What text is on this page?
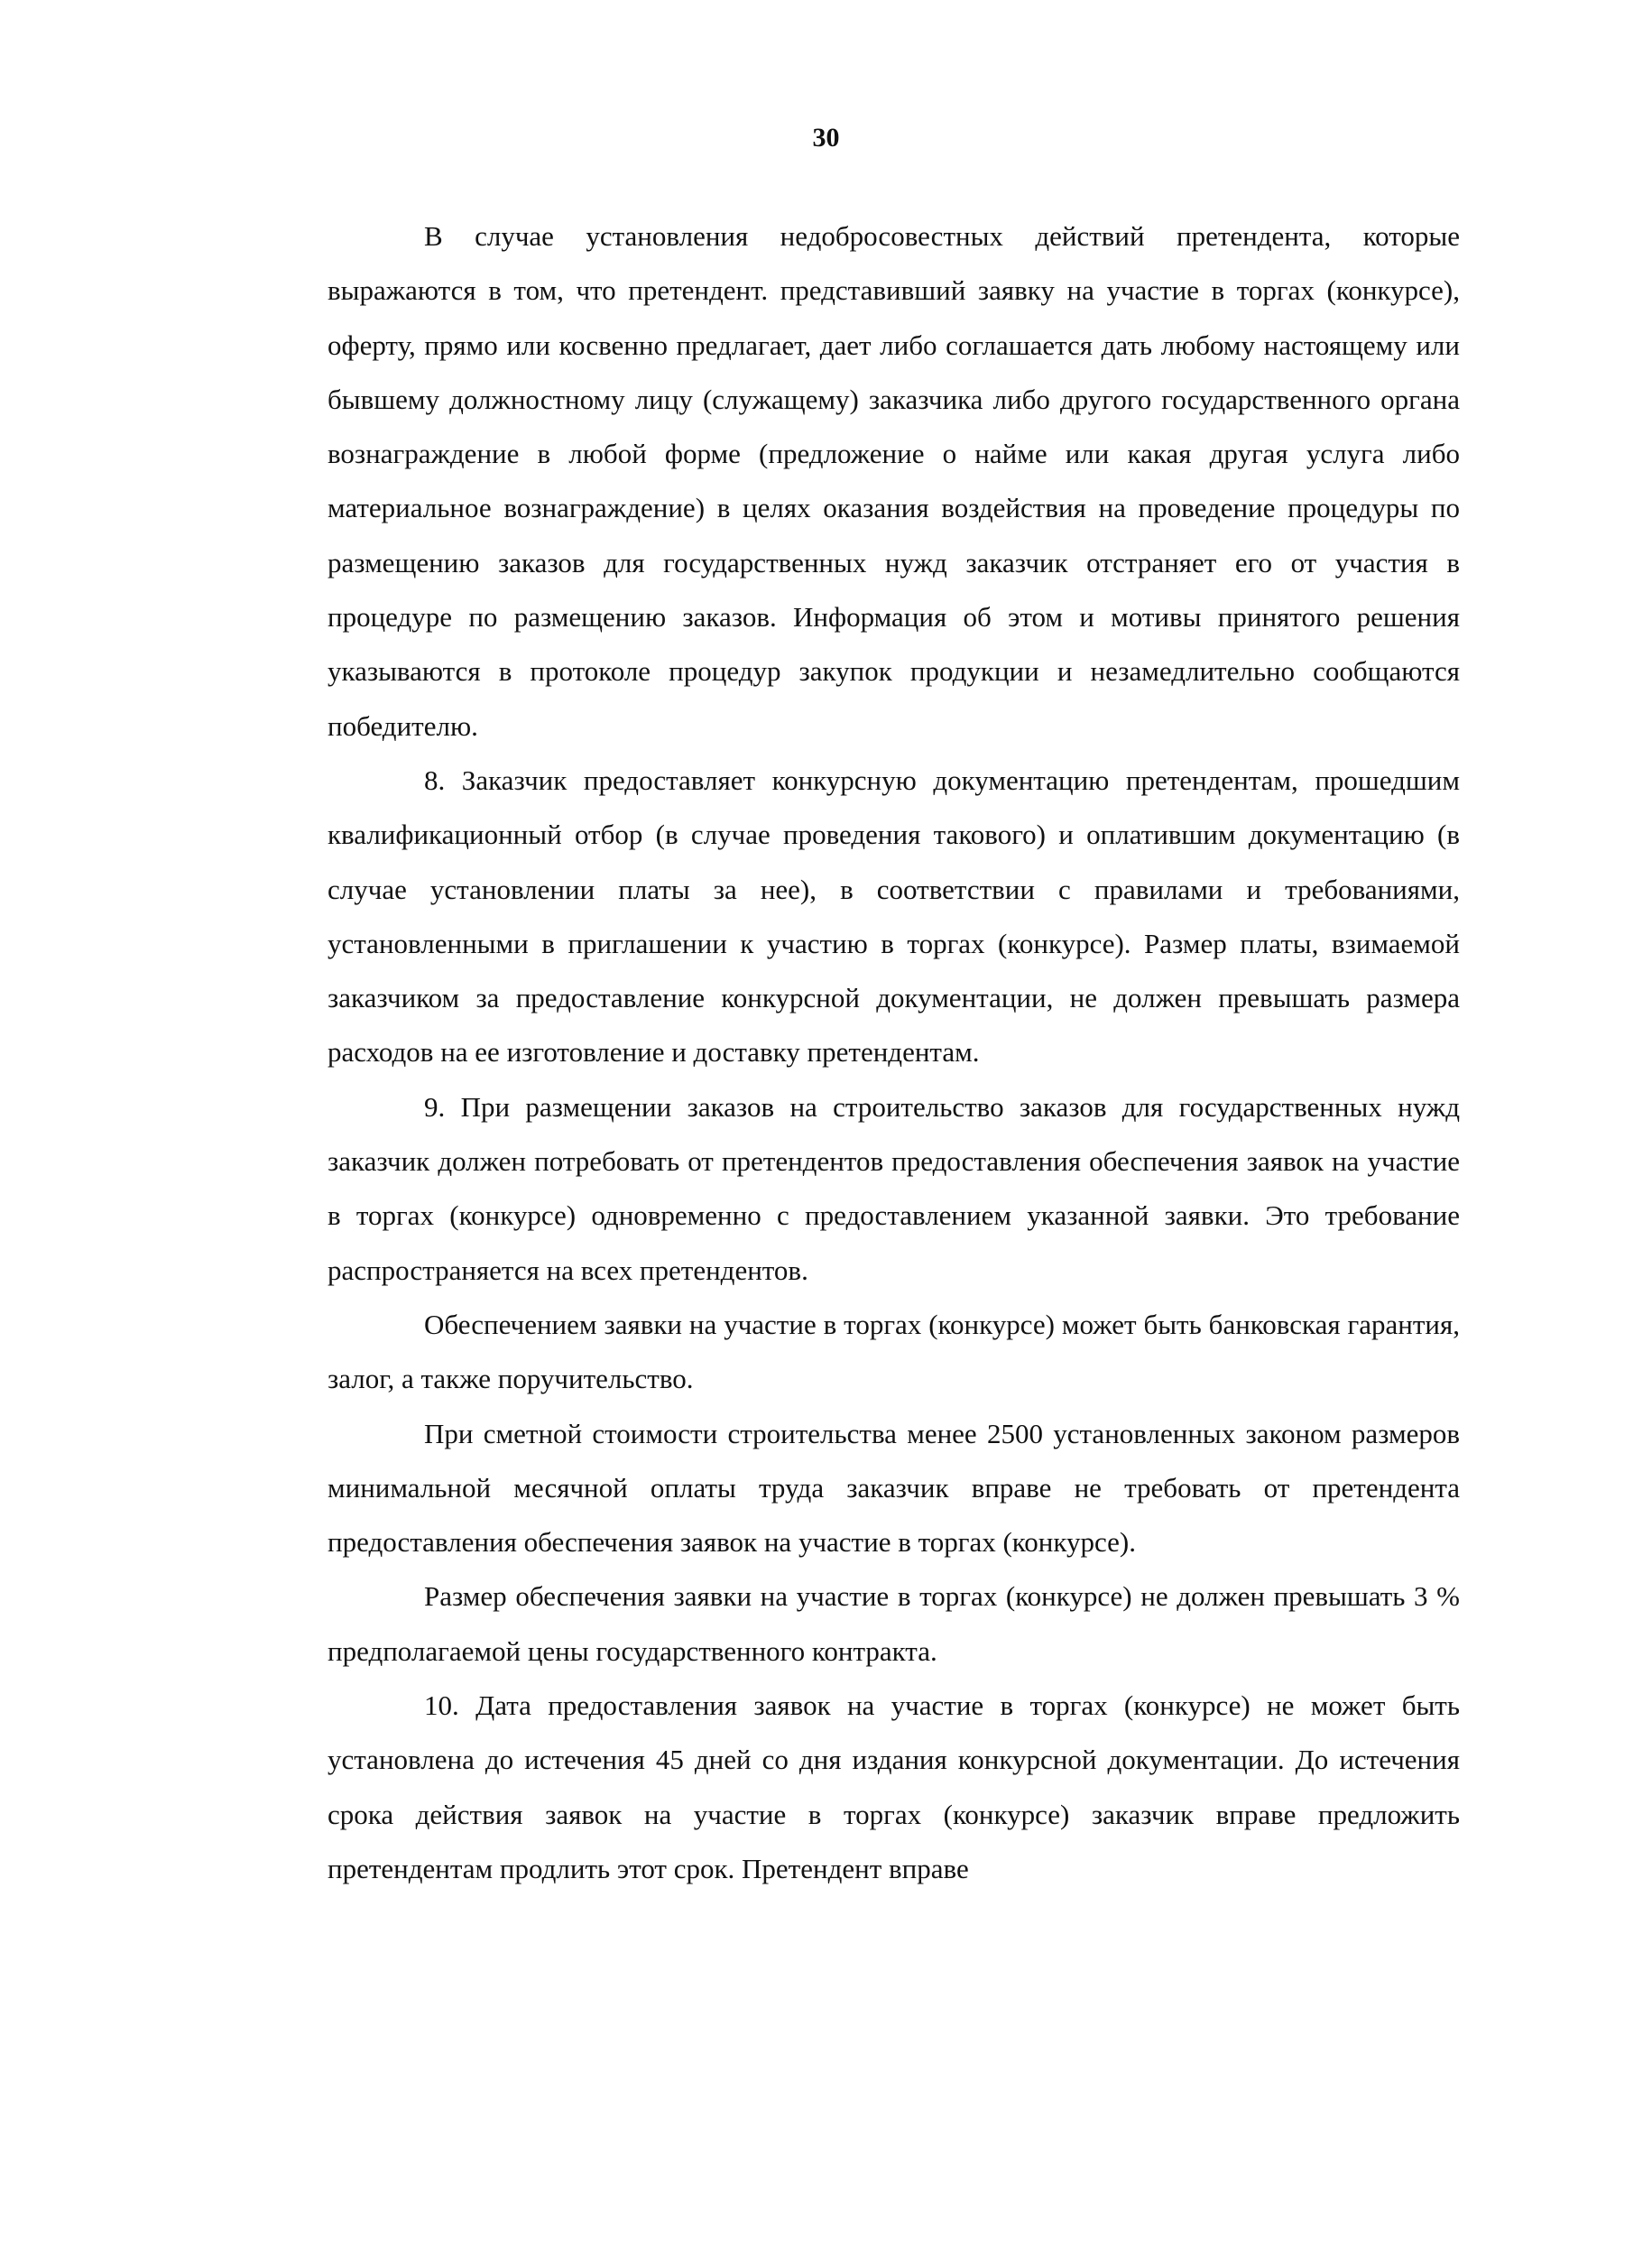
30

В случае установления недобросовестных действий претендента, которые выражаются в том, что претендент. представивший заявку на участие в торгах (конкурсе), оферту, прямо или косвенно предлагает, дает либо соглашается дать любому настоящему или бывшему должностному лицу (служащему) заказчика либо другого государственного органа вознаграждение в любой форме (предложение о найме или какая другая услуга либо материальное вознаграждение) в целях оказания воздействия на проведение процедуры по размещению заказов для государственных нужд заказчик отстраняет его от участия в процедуре по размещению заказов. Информация об этом и мотивы принятого решения указываются в протоколе процедур закупок продукции и незамедлительно сообщаются победителю.

8. Заказчик предоставляет конкурсную документацию претендентам, прошедшим квалификационный отбор (в случае проведения такового) и оплатившим документацию (в случае установлении платы за нее), в соответствии с правилами и требованиями, установленными в приглашении к участию в торгах (конкурсе). Размер платы, взимаемой заказчиком за предоставление конкурсной документации, не должен превышать размера расходов на ее изготовление и доставку претендентам.

9. При размещении заказов на строительство заказов для государственных нужд заказчик должен потребовать от претендентов предоставления обеспечения заявок на участие в торгах (конкурсе) одновременно с предоставлением указанной заявки. Это требование распространяется на всех претендентов.

Обеспечением заявки на участие в торгах (конкурсе) может быть банковская гарантия, залог, а также поручительство.

При сметной стоимости строительства менее 2500 установленных законом размеров минимальной месячной оплаты труда заказчик вправе не требовать от претендента предоставления обеспечения заявок на участие в торгах (конкурсе).

Размер обеспечения заявки на участие в торгах (конкурсе) не должен превышать 3 % предполагаемой цены государственного контракта.

10. Дата предоставления заявок на участие в торгах (конкурсе) не может быть установлена до истечения 45 дней со дня издания конкурсной документации. До истечения срока действия заявок на участие в торгах (конкурсе) заказчик вправе предложить претендентам продлить этот срок. Претендент вправе
